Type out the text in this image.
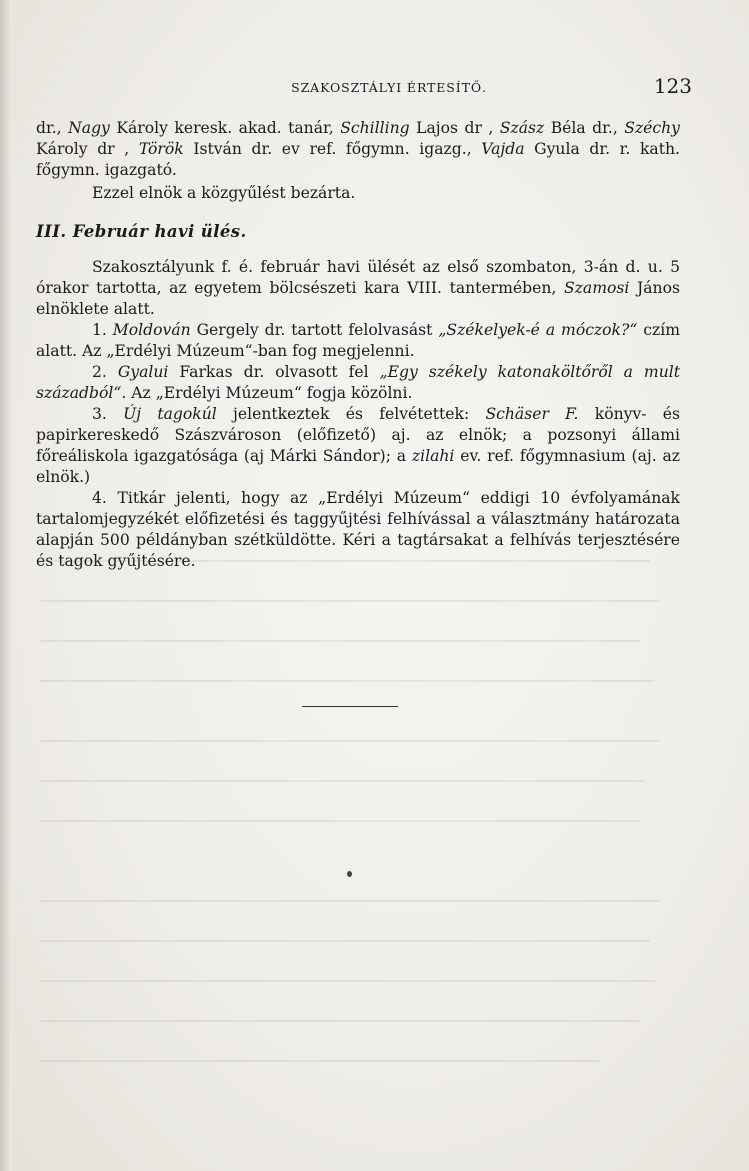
SZAKOSZTÁLYI ÉRTESÍTŐ.	123

dr., Nagy Károly keresk. akad. tanár, Schilling Lajos dr , Szász Béla dr., Széchy Károly dr , Török István dr. ev ref. főgymn. igazg., Vajda Gyula dr. r. kath. főgymn. igazgató.

Ezzel elnök a közgyűlést bezárta.

III. Február havi ülés.

Szakosztályunk f. é. február havi ülését az első szombaton, 3-án d. u. 5 órakor tartotta, az egyetem bölcsészeti kara VIII. tantermében, Szamosi János elnöklete alatt.

1. Moldován Gergely dr. tartott felolvasást „Székelyek-é a móczok?“ czím alatt. Az „Erdélyi Múzeum“-ban fog megjelenni.

2. Gyalui Farkas dr. olvasott fel „Egy székely katonaköltőről a mult századból“. Az „Erdélyi Múzeum“ fogja közölni.

3. Új tagokúl jelentkeztek és felvétettek: Schäser F. könyv- és papirkereskedő Szászvároson (előfizető) aj. az elnök; a pozsonyi állami főreáliskola igazgatósága (aj Márki Sándor); a zilahi ev. ref. főgymnasium (aj. az elnök.)

4. Titkár jelenti, hogy az „Erdélyi Múzeum“ eddigi 10 évfolyamának tartalomjegyzékét előfizetési és taggyűjtési felhívással a választmány határozata alapján 500 példányban szétküldötte. Kéri a tagtársakat a felhívás terjesztésére és tagok gyűjtésére.
